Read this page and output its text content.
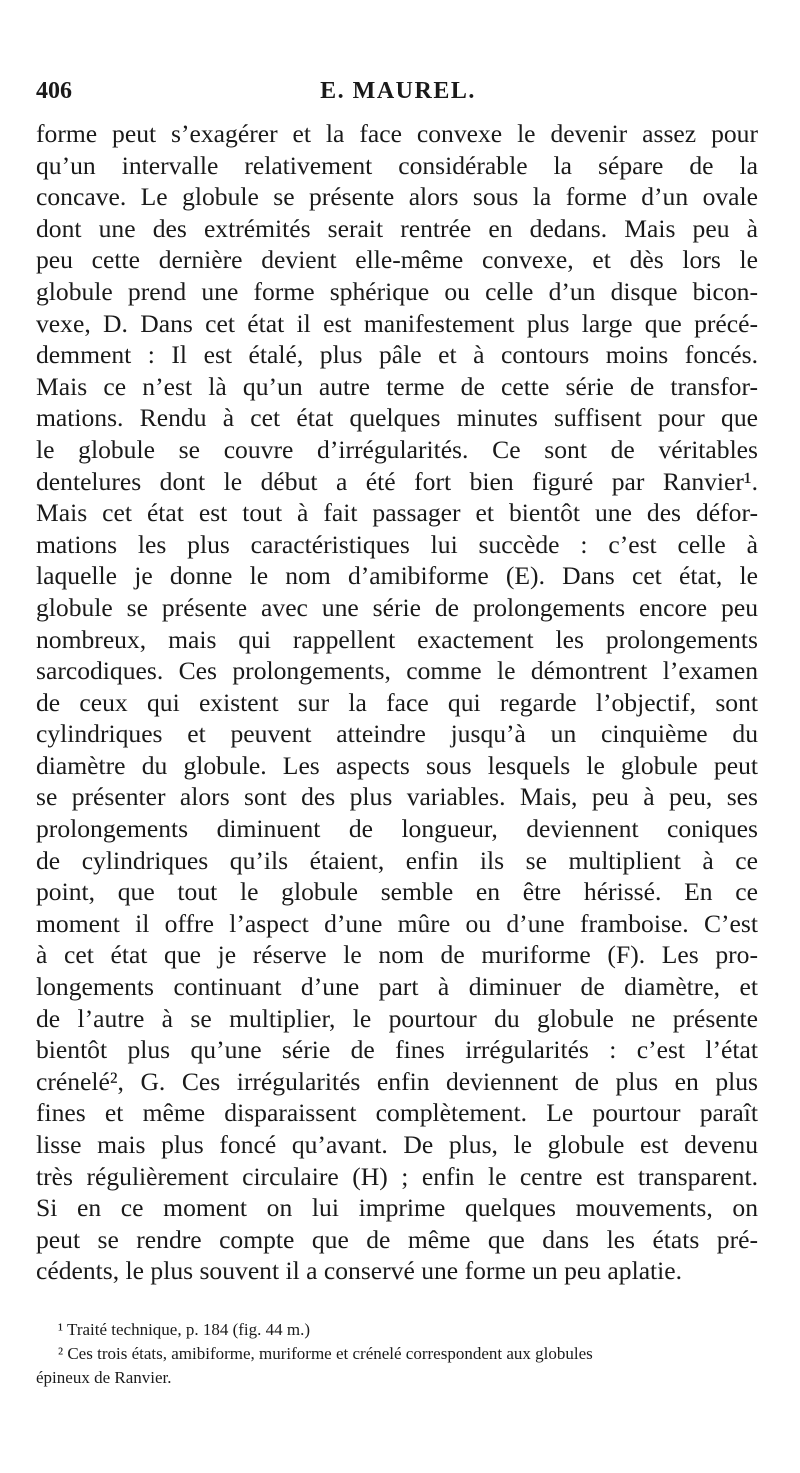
406	E. MAUREL.
forme peut s’exagérer et la face convexe le devenir assez pour
qu’un intervalle relativement considérable la sépare de la
concave. Le globule se présente alors sous la forme d’un ovale
dont une des extrémités serait rentrée en dedans. Mais peu à
peu cette dernière devient elle-même convexe, et dès lors le
globule prend une forme sphérique ou celle d’un disque bicon-
vexe, D. Dans cet état il est manifestement plus large que précé-
demment : Il est étalé, plus pâle et à contours moins foncés.
Mais ce n’est là qu’un autre terme de cette série de transfor-
mations. Rendu à cet état quelques minutes suffisent pour que
le globule se couvre d’irrégularités. Ce sont de véritables
dentelures dont le début a été fort bien figuré par Ranvier¹.
Mais cet état est tout à fait passager et bientôt une des défor-
mations les plus caractéristiques lui succède : c’est celle à
laquelle je donne le nom d’amibiforme (E). Dans cet état, le
globule se présente avec une série de prolongements encore peu
nombreux, mais qui rappellent exactement les prolongements
sarcodiques. Ces prolongements, comme le démontrent l’examen
de ceux qui existent sur la face qui regarde l’objectif, sont
cylindriques et peuvent atteindre jusqu’à un cinquième du
diamètre du globule. Les aspects sous lesquels le globule peut
se présenter alors sont des plus variables. Mais, peu à peu, ses
prolongements diminuent de longueur, deviennent coniques
de cylindriques qu’ils étaient, enfin ils se multiplient à ce
point, que tout le globule semble en être hérissé. En ce
moment il offre l’aspect d’une mûre ou d’une framboise. C’est
à cet état que je réserve le nom de muriforme (F). Les pro-
longements continuant d’une part à diminuer de diamètre, et
de l’autre à se multiplier, le pourtour du globule ne présente
bientôt plus qu’une série de fines irrégularités : c’est l’état
crénelé², G. Ces irrégularités enfin deviennent de plus en plus
fines et même disparaissent complètement. Le pourtour paraît
lisse mais plus foncé qu’avant. De plus, le globule est devenu
très régulièrement circulaire (H) ; enfin le centre est transparent.
Si en ce moment on lui imprime quelques mouvements, on
peut se rendre compte que de même que dans les états pré-
cédents, le plus souvent il a conservé une forme un peu aplatie.
¹ Traité technique, p. 184 (fig. 44 m.)
² Ces trois états, amibiforme, muriforme et crénelé correspondent aux globules
épineux de Ranvier.
